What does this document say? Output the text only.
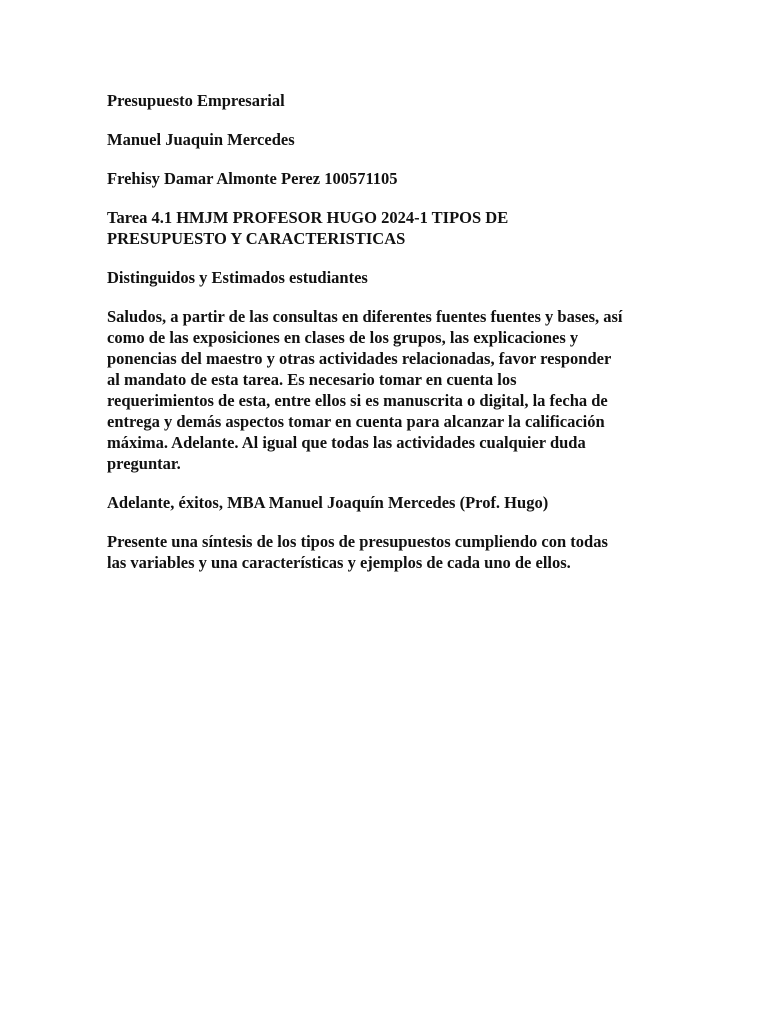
Presupuesto Empresarial

Manuel Juaquin Mercedes

Frehisy Damar Almonte Perez 100571105

Tarea 4.1 HMJM PROFESOR HUGO 2024-1 TIPOS DE
PRESUPUESTO Y CARACTERISTICAS

Distinguidos y Estimados estudiantes

Saludos, a partir de las consultas en diferentes fuentes fuentes y bases, así
como de las exposiciones en clases de los grupos, las explicaciones y
ponencias del maestro y otras actividades relacionadas, favor responder
al mandato de esta tarea. Es necesario tomar en cuenta los
requerimientos de esta, entre ellos si es manuscrita o digital, la fecha de
entrega y demás aspectos tomar en cuenta para alcanzar la calificación
máxima. Adelante. Al igual que todas las actividades cualquier duda
preguntar.

Adelante, éxitos, MBA Manuel Joaquín Mercedes (Prof. Hugo)

Presente una síntesis de los tipos de presupuestos cumpliendo con todas
las variables y una características y ejemplos de cada uno de ellos.
